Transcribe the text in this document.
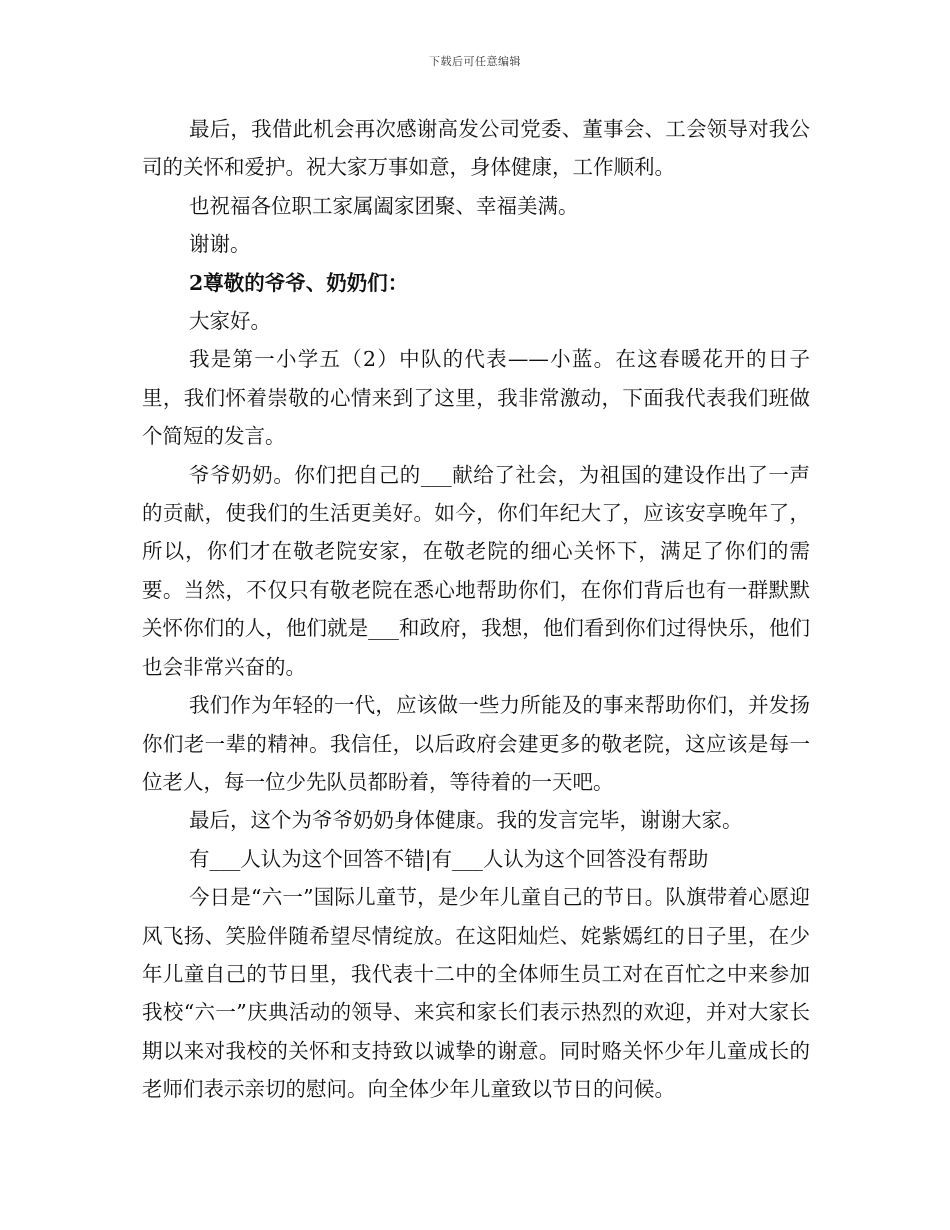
下载后可任意编辑

最后，我借此机会再次感谢高发公司党委、董事会、工会领导对我公司的关怀和爱护。祝大家万事如意，身体健康，工作顺利。

也祝福各位职工家属阖家团聚、幸福美满。

谢谢。

2尊敬的爷爷、奶奶们：

大家好。

我是第一小学五（2）中队的代表——小蓝。在这春暖花开的日子里，我们怀着崇敬的心情来到了这里，我非常激动，下面我代表我们班做个简短的发言。

爷爷奶奶。你们把自己的___献给了社会，为祖国的建设作出了一声的贡献，使我们的生活更美好。如今，你们年纪大了，应该安享晚年了，所以，你们才在敬老院安家，在敬老院的细心关怀下，满足了你们的需要。当然，不仅只有敬老院在悉心地帮助你们，在你们背后也有一群默默关怀你们的人，他们就是___和政府，我想，他们看到你们过得快乐，他们也会非常兴奋的。

我们作为年轻的一代，应该做一些力所能及的事来帮助你们，并发扬你们老一辈的精神。我信任，以后政府会建更多的敬老院，这应该是每一位老人，每一位少先队员都盼着，等待着的一天吧。

最后，这个为爷爷奶奶身体健康。我的发言完毕，谢谢大家。

有___人认为这个回答不错|有___人认为这个回答没有帮助

今日是“六一”国际儿童节，是少年儿童自己的节日。队旗带着心愿迎风飞扬、笑脸伴随希望尽情绽放。在这阳灿烂、姹紫嫣红的日子里，在少年儿童自己的节日里，我代表十二中的全体师生员工对在百忙之中来参加我校“六一”庆典活动的领导、来宾和家长们表示热烈的欢迎，并对大家长期以来对我校的关怀和支持致以诚挚的谢意。同时赂关怀少年儿童成长的老师们表示亲切的慰问。向全体少年儿童致以节日的问候。
